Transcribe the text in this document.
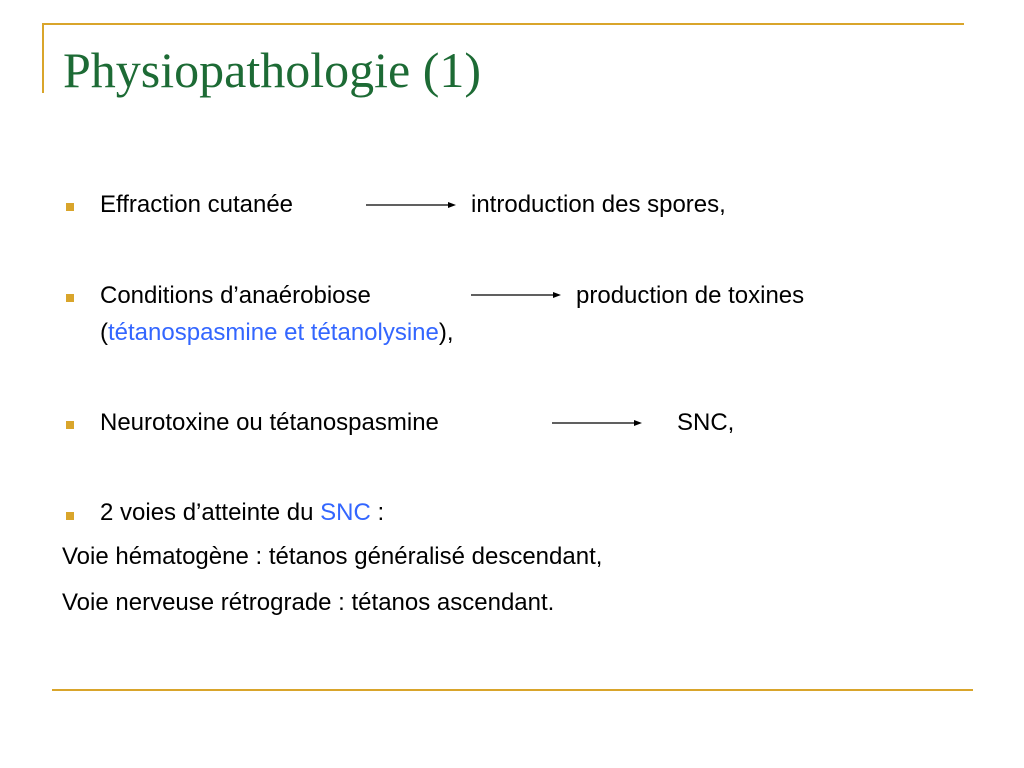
Physiopathologie (1)
Effraction cutanée	introduction des spores,
Conditions d’anaérobiose	production de toxines
(tétanospasmine et tétanolysine),
Neurotoxine ou tétanospasmine	SNC,
2 voies d’atteinte du SNC :
Voie hématogène : tétanos généralisé descendant,
Voie nerveuse rétrograde : tétanos ascendant.
